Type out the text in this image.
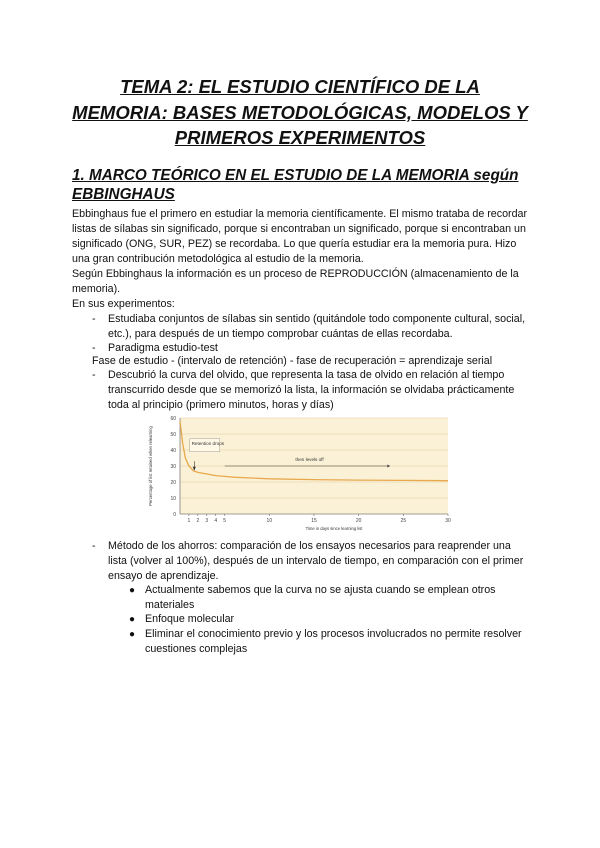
TEMA 2: EL ESTUDIO CIENTÍFICO DE LA MEMORIA: BASES METODOLÓGICAS, MODELOS Y PRIMEROS EXPERIMENTOS
1. MARCO TEÓRICO EN EL ESTUDIO DE LA MEMORIA según EBBINGHAUS
Ebbinghaus fue el primero en estudiar la memoria científicamente. El mismo trataba de recordar listas de sílabas sin significado, porque si encontraban un significado, porque si encontraban un significado (ONG, SUR, PEZ) se recordaba. Lo que quería estudiar era la memoria pura. Hizo una gran contribución metodológica al estudio de la memoria.
Según Ebbinghaus la información es un proceso de REPRODUCCIÓN (almacenamiento de la memoria).
En sus experimentos:
- Estudiaba conjuntos de sílabas sin sentido (quitándole todo componente cultural, social, etc.), para después de un tiempo comprobar cuántas de ellas recordaba.
- Paradigma estudio-test
Fase de estudio - (intervalo de retención) - fase de recuperación = aprendizaje serial
- Descubrió la curva del olvido, que representa la tasa de olvido en relación al tiempo transcurrido desde que se memorizó la lista, la información se olvidaba prácticamente toda al principio (primero minutos, horas y días)
0
10
20
30
40
50
60
1 2 3 4 5	10	15	20	25	30
Time in days since learning list
Percentage of list retained when relearning	Retention drops
then levels off
- Método de los ahorros: comparación de los ensayos necesarios para reaprender una lista (volver al 100%), después de un intervalo de tiempo, en comparación con el primer ensayo de aprendizaje.
● Actualmente sabemos que la curva no se ajusta cuando se emplean otros materiales
● Enfoque molecular
● Eliminar el conocimiento previo y los procesos involucrados no permite resolver cuestiones complejas
